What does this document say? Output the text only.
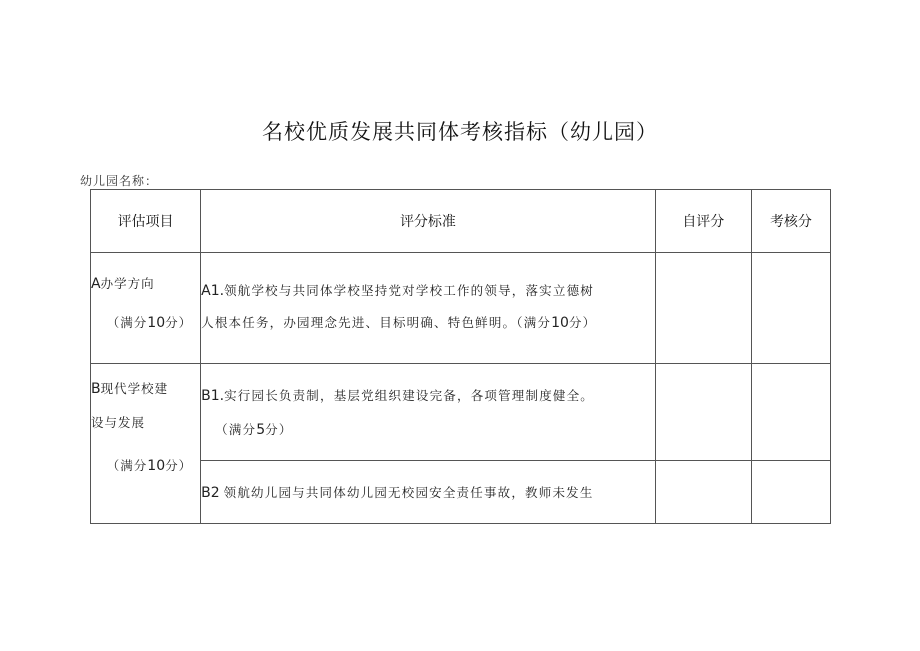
名校优质发展共同体考核指标（幼儿园）
幼儿园名称：
评估项目	评分标准	自评分	考核分

A办学方向
（满分10分）	A1.领航学校与共同体学校坚持党对学校工作的领导，落实立德树
人根本任务，办园理念先进、目标明确、特色鲜明。（满分10分）		

B现代学校建
设与发展
（满分10分）	B1.实行园长负责制，基层党组织建设完备，各项管理制度健全。
（满分5分）		

	B2 领航幼儿园与共同体幼儿园无校园安全责任事故，教师未发生		
